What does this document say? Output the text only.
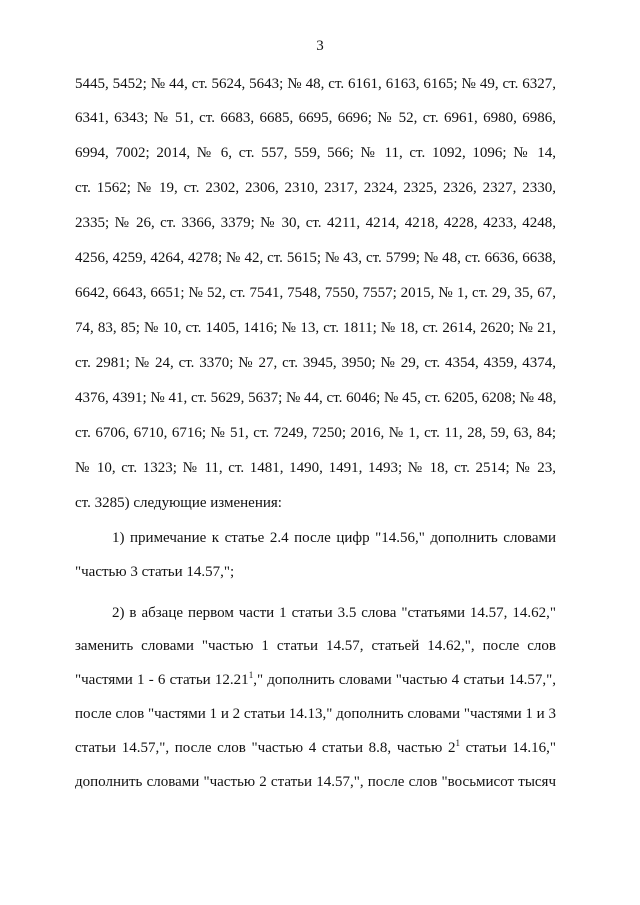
3
5445, 5452; № 44, ст. 5624, 5643; № 48, ст. 6161, 6163, 6165; № 49, ст. 6327,
6341, 6343; № 51, ст. 6683, 6685, 6695, 6696; № 52, ст. 6961, 6980, 6986,
6994, 7002; 2014, № 6, ст. 557, 559, 566; № 11, ст. 1092, 1096; № 14,
ст. 1562; № 19, ст. 2302, 2306, 2310, 2317, 2324, 2325, 2326, 2327, 2330,
2335; № 26, ст. 3366, 3379; № 30, ст. 4211, 4214, 4218, 4228, 4233, 4248,
4256, 4259, 4264, 4278; № 42, ст. 5615; № 43, ст. 5799; № 48, ст. 6636, 6638,
6642, 6643, 6651; № 52, ст. 7541, 7548, 7550, 7557; 2015, № 1, ст. 29, 35, 67,
74, 83, 85; № 10, ст. 1405, 1416; № 13, ст. 1811; № 18, ст. 2614, 2620; № 21,
ст. 2981; № 24, ст. 3370; № 27, ст. 3945, 3950; № 29, ст. 4354, 4359, 4374,
4376, 4391; № 41, ст. 5629, 5637; № 44, ст. 6046; № 45, ст. 6205, 6208; № 48,
ст. 6706, 6710, 6716; № 51, ст. 7249, 7250; 2016, № 1, ст. 11, 28, 59, 63, 84;
№ 10, ст. 1323; № 11, ст. 1481, 1490, 1491, 1493; № 18, ст. 2514; № 23,
ст. 3285) следующие изменения:
1) примечание к статье 2.4 после цифр "14.56," дополнить словами
"частью 3 статьи 14.57,";
2) в абзаце первом части 1 статьи 3.5 слова "статьями 14.57, 14.62,"
заменить словами "частью 1 статьи 14.57, статьей 14.62,", после слов
"частями 1 - 6 статьи 12.21$^1$," дополнить словами "частью 4 статьи 14.57,",
после слов "частями 1 и 2 статьи 14.13," дополнить словами "частями 1 и 3
статьи 14.57,", после слов "частью 4 статьи 8.8, частью $2^1$ статьи 14.16,"
дополнить словами "частью 2 статьи 14.57,", после слов "восьмисот тысяч
